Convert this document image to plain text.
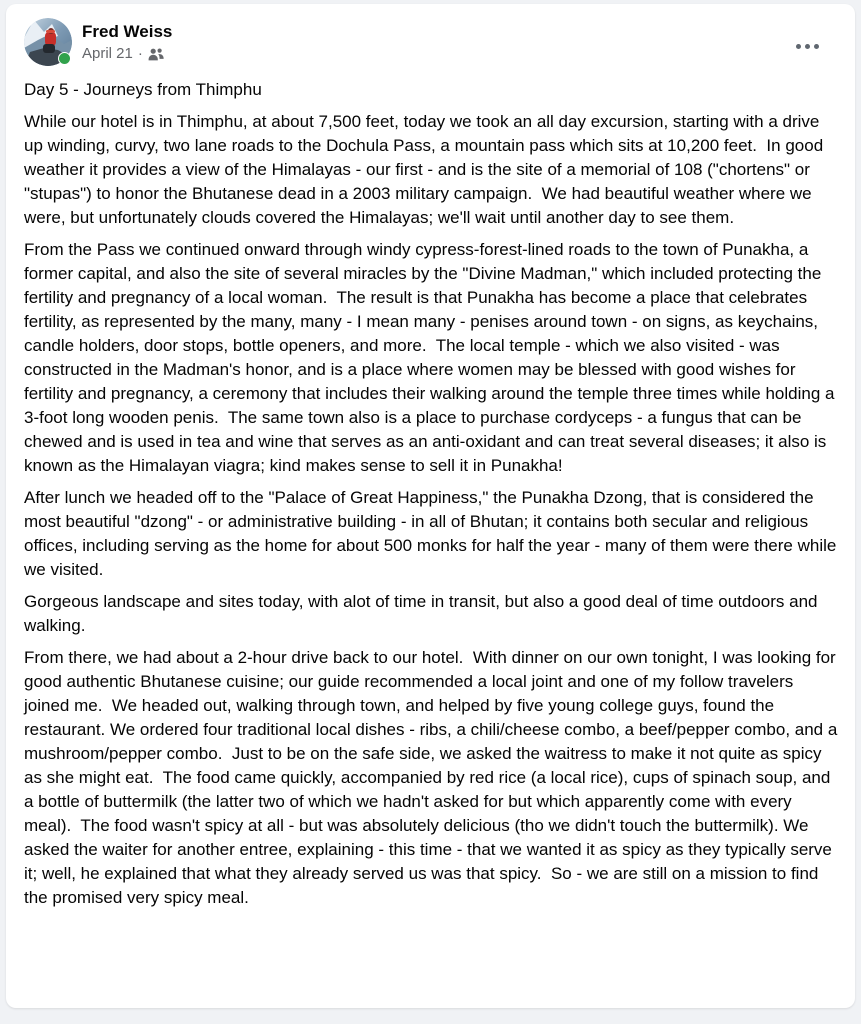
Fred Weiss
April 21 ·

Day 5 - Journeys from Thimphu

While our hotel is in Thimphu, at about 7,500 feet, today we took an all day excursion, starting with a drive up winding, curvy, two lane roads to the Dochula Pass, a mountain pass which sits at 10,200 feet.  In good weather it provides a view of the Himalayas - our first - and is the site of a memorial of 108 ("chortens" or "stupas") to honor the Bhutanese dead in a 2003 military campaign.  We had beautiful weather where we were, but unfortunately clouds covered the Himalayas; we'll wait until another day to see them.

From the Pass we continued onward through windy cypress-forest-lined roads to the town of Punakha, a former capital, and also the site of several miracles by the "Divine Madman," which included protecting the fertility and pregnancy of a local woman.  The result is that Punakha has become a place that celebrates fertility, as represented by the many, many - I mean many - penises around town - on signs, as keychains, candle holders, door stops, bottle openers, and more.  The local temple - which we also visited - was constructed in the Madman's honor, and is a place where women may be blessed with good wishes for fertility and pregnancy, a ceremony that includes their walking around the temple three times while holding a 3-foot long wooden penis.  The same town also is a place to purchase cordyceps - a fungus that can be chewed and is used in tea and wine that serves as an anti-oxidant and can treat several diseases; it also is known as the Himalayan viagra; kind makes sense to sell it in Punakha!

After lunch we headed off to the "Palace of Great Happiness," the Punakha Dzong, that is considered the most beautiful "dzong" - or administrative building - in all of Bhutan; it contains both secular and religious offices, including serving as the home for about 500 monks for half the year - many of them were there while we visited.

Gorgeous landscape and sites today, with alot of time in transit, but also a good deal of time outdoors and walking.

From there, we had about a 2-hour drive back to our hotel.  With dinner on our own tonight, I was looking for good authentic Bhutanese cuisine; our guide recommended a local joint and one of my follow travelers joined me.  We headed out, walking through town, and helped by five young college guys, found the restaurant. We ordered four traditional local dishes - ribs, a chili/cheese combo, a beef/pepper combo, and a mushroom/pepper combo.  Just to be on the safe side, we asked the waitress to make it not quite as spicy as she might eat.  The food came quickly, accompanied by red rice (a local rice), cups of spinach soup, and a bottle of buttermilk (the latter two of which we hadn't asked for but which apparently come with every meal).  The food wasn't spicy at all - but was absolutely delicious (tho we didn't touch the buttermilk). We asked the waiter for another entree, explaining - this time - that we wanted it as spicy as they typically serve it; well, he explained that what they already served us was that spicy.  So - we are still on a mission to find the promised very spicy meal.
